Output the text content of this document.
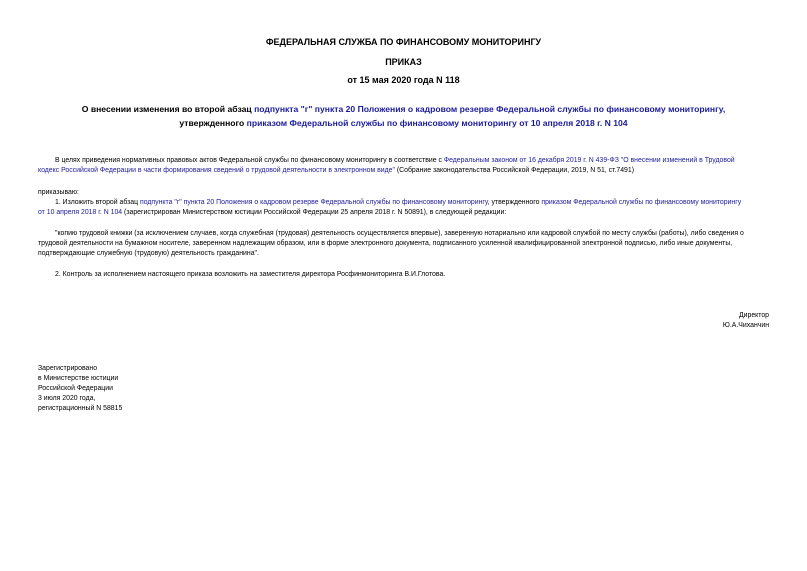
ФЕДЕРАЛЬНАЯ СЛУЖБА ПО ФИНАНСОВОМУ МОНИТОРИНГУ
ПРИКАЗ
от 15 мая 2020 года N 118
О внесении изменения во второй абзац подпункта "г" пункта 20 Положения о кадровом резерве Федеральной службы по финансовому мониторингу,
утвержденного приказом Федеральной службы по финансовому мониторингу от 10 апреля 2018 г. N 104
В целях приведения нормативных правовых актов Федеральной службы по финансовому мониторингу в соответствие с Федеральным законом от 16 декабря 2019 г. N 439-ФЗ "О внесении изменений в Трудовой
кодекс Российской Федерации в части формирования сведений о трудовой деятельности в электронном виде" (Собрание законодательства Российской Федерации, 2019, N 51, ст.7491)
приказываю:
1. Изложить второй абзац подпункта "г" пункта 20 Положения о кадровом резерве Федеральной службы по финансовому мониторингу, утвержденного приказом Федеральной службы по финансовому мониторингу
от 10 апреля 2018 г. N 104 (зарегистрирован Министерством юстиции Российской Федерации 25 апреля 2018 г. N 50891), в следующей редакции:
"копию трудовой книжки (за исключением случаев, когда служебная (трудовая) деятельность осуществляется впервые), заверенную нотариально или кадровой службой по месту службы (работы), либо сведения о
трудовой деятельности на бумажном носителе, заверенном надлежащим образом, или в форме электронного документа, подписанного усиленной квалифицированной электронной подписью, либо иные документы,
подтверждающие служебную (трудовую) деятельность гражданина".
2. Контроль за исполнением настоящего приказа возложить на заместителя директора Росфинмониторинга В.И.Глотова.
Директор
Ю.А.Чиханчин
Зарегистрировано
в Министерстве юстиции
Российской Федерации
3 июля 2020 года,
регистрационный N 58815
